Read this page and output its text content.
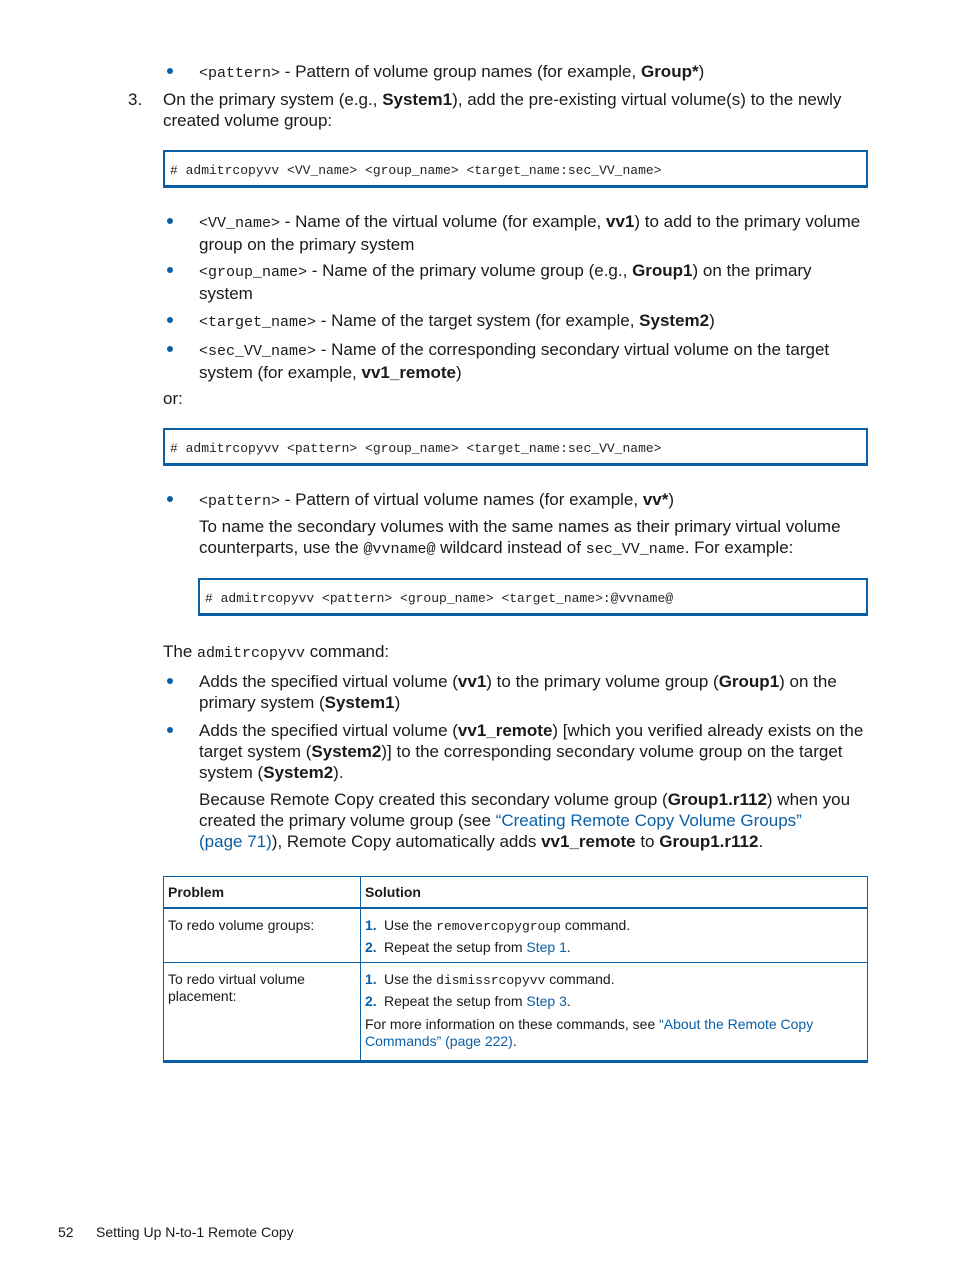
<pattern> - Pattern of volume group names (for example, Group*)
3. On the primary system (e.g., System1), add the pre-existing virtual volume(s) to the newly
created volume group:
# admitrcopyvv <VV_name> <group_name> <target_name:sec_VV_name>
<VV_name> - Name of the virtual volume (for example, vv1) to add to the primary volume
group on the primary system
<group_name> - Name of the primary volume group (e.g., Group1) on the primary
system
<target_name> - Name of the target system (for example, System2)
<sec_VV_name> - Name of the corresponding secondary virtual volume on the target
system (for example, vv1_remote)
or:
# admitrcopyvv <pattern> <group_name> <target_name:sec_VV_name>
<pattern> - Pattern of virtual volume names (for example, vv*)
To name the secondary volumes with the same names as their primary virtual volume
counterparts, use the @vvname@ wildcard instead of sec_VV_name. For example:
# admitrcopyvv <pattern> <group_name> <target_name>:@vvname@
The admitrcopyvv command:
Adds the specified virtual volume (vv1) to the primary volume group (Group1) on the
primary system (System1)
Adds the specified virtual volume (vv1_remote) [which you verified already exists on the
target system (System2)] to the corresponding secondary volume group on the target
system (System2).
Because Remote Copy created this secondary volume group (Group1.r112) when you
created the primary volume group (see “Creating Remote Copy Volume Groups”
(page 71)), Remote Copy automatically adds vv1_remote to Group1.r112.
Problem	Solution
To redo volume groups:	1. Use the removercopygroup command.
2. Repeat the setup from Step 1.

To redo virtual volume placement:	1. Use the dismissrcopyvv command.
2. Repeat the setup from Step 3.
For more information on these commands, see “About the Remote Copy Commands” (page 222).
52 Setting Up N-to-1 Remote Copy
